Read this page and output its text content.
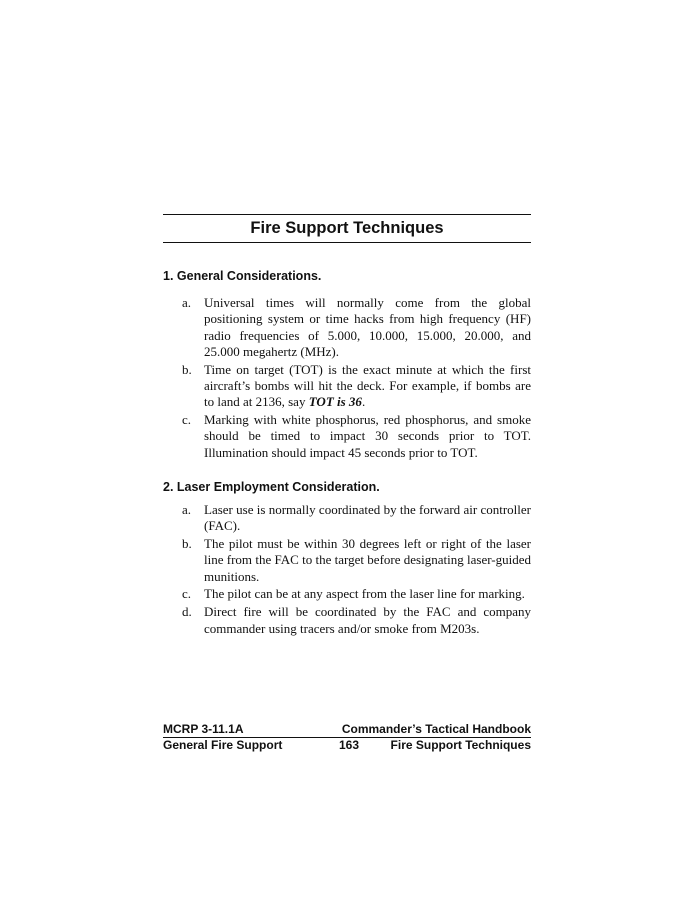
Fire Support Techniques
1. General Considerations.
a. Universal times will normally come from the global positioning system or time hacks from high frequency (HF) radio frequencies of 5.000, 10.000, 15.000, 20.000, and 25.000 megahertz (MHz).
b. Time on target (TOT) is the exact minute at which the first aircraft’s bombs will hit the deck. For example, if bombs are to land at 2136, say TOT is 36.
c. Marking with white phosphorus, red phosphorus, and smoke should be timed to impact 30 seconds prior to TOT. Illumination should impact 45 seconds prior to TOT.
2. Laser Employment Consideration.
a. Laser use is normally coordinated by the forward air controller (FAC).
b. The pilot must be within 30 degrees left or right of the laser line from the FAC to the target before designating laser-guided munitions.
c. The pilot can be at any aspect from the laser line for marking.
d. Direct fire will be coordinated by the FAC and company commander using tracers and/or smoke from M203s.
MCRP 3-11.1A	Commander’s Tactical Handbook
General Fire Support	163	Fire Support Techniques
